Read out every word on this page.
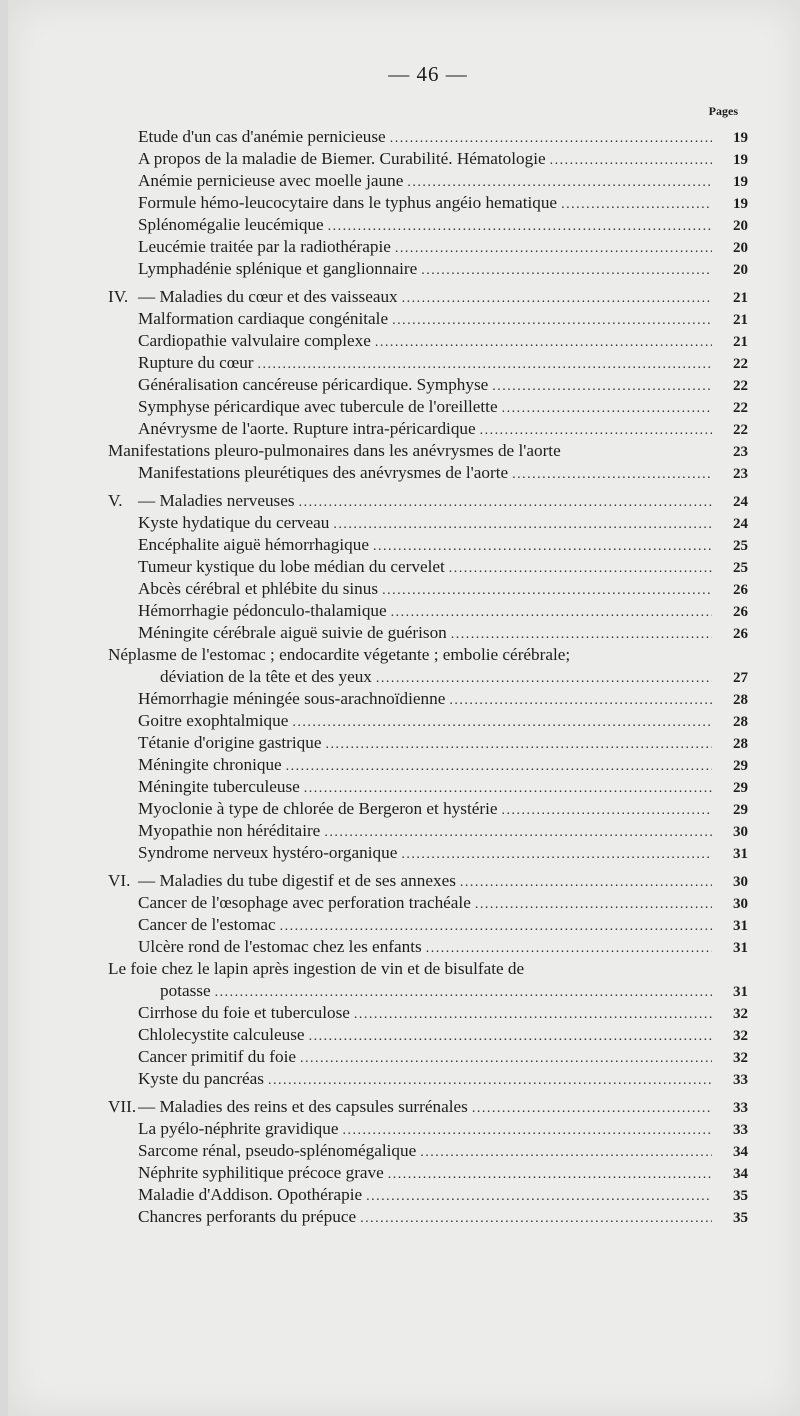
— 46 —
Pages
Etude d'un cas d'anémie pernicieuse .....	19
A propos de la maladie de Biemer. Curabilité. Hématologie .....	19
Anémie pernicieuse avec moelle jaune .....	19
Formule hémo-leucocytaire dans le typhus angéio hematique .....	19
Splénomégalie leucémique .....	20
Leucémie traitée par la radiothérapie .....	20
Lymphadénie splénique et ganglionnaire .....	20
IV. — Maladies du cœur et des vaisseaux .....	21
Malformation cardiaque congénitale .....	21
Cardiopathie valvulaire complexe .....	21
Rupture du cœur .....	22
Généralisation cancéreuse péricardique. Symphyse .....	22
Symphyse péricardique avec tubercule de l'oreillette .....	22
Anévrysme de l'aorte. Rupture intra-péricardique .....	22
Manifestations pleuro-pulmonaires dans les anévrysmes de l'aorte	23
Manifestations pleurétiques des anévrysmes de l'aorte .....	23
V. — Maladies nerveuses .....	24
Kyste hydatique du cerveau .....	24
Encéphalite aiguë hémorrhagique .....	25
Tumeur kystique du lobe médian du cervelet .....	25
Abcès cérébral et phlébite du sinus .....	26
Hémorrhagie pédonculo-thalamique .....	26
Méningite cérébrale aiguë suivie de guérison .....	26
Néplasme de l'estomac ; endocardite végetante ; embolie cérébrale;
déviation de la tête et des yeux .....	27
Hémorrhagie méningée sous-arachnoïdienne .....	28
Goitre exophtalmique .....	28
Tétanie d'origine gastrique .....	28
Méningite chronique .....	29
Méningite tuberculeuse .....	29
Myoclonie à type de chlorée de Bergeron et hystérie .....	29
Myopathie non héréditaire .....	30
Syndrome nerveux hystéro-organique .....	31
VI. — Maladies du tube digestif et de ses annexes .....	30
Cancer de l'œsophage avec perforation trachéale .....	30
Cancer de l'estomac .....	31
Ulcère rond de l'estomac chez les enfants .....	31
Le foie chez le lapin après ingestion de vin et de bisulfate de
potasse .....	31
Cirrhose du foie et tuberculose .....	32
Chlolecystite calculeuse .....	32
Cancer primitif du foie .....	32
Kyste du pancréas .....	33
VII. — Maladies des reins et des capsules surrénales .....	33
La pyélo-néphrite gravidique .....	33
Sarcome rénal, pseudo-splénomégalique .....	34
Néphrite syphilitique précoce grave .....	34
Maladie d'Addison. Opothérapie .....	35
Chancres perforants du prépuce .....	35
